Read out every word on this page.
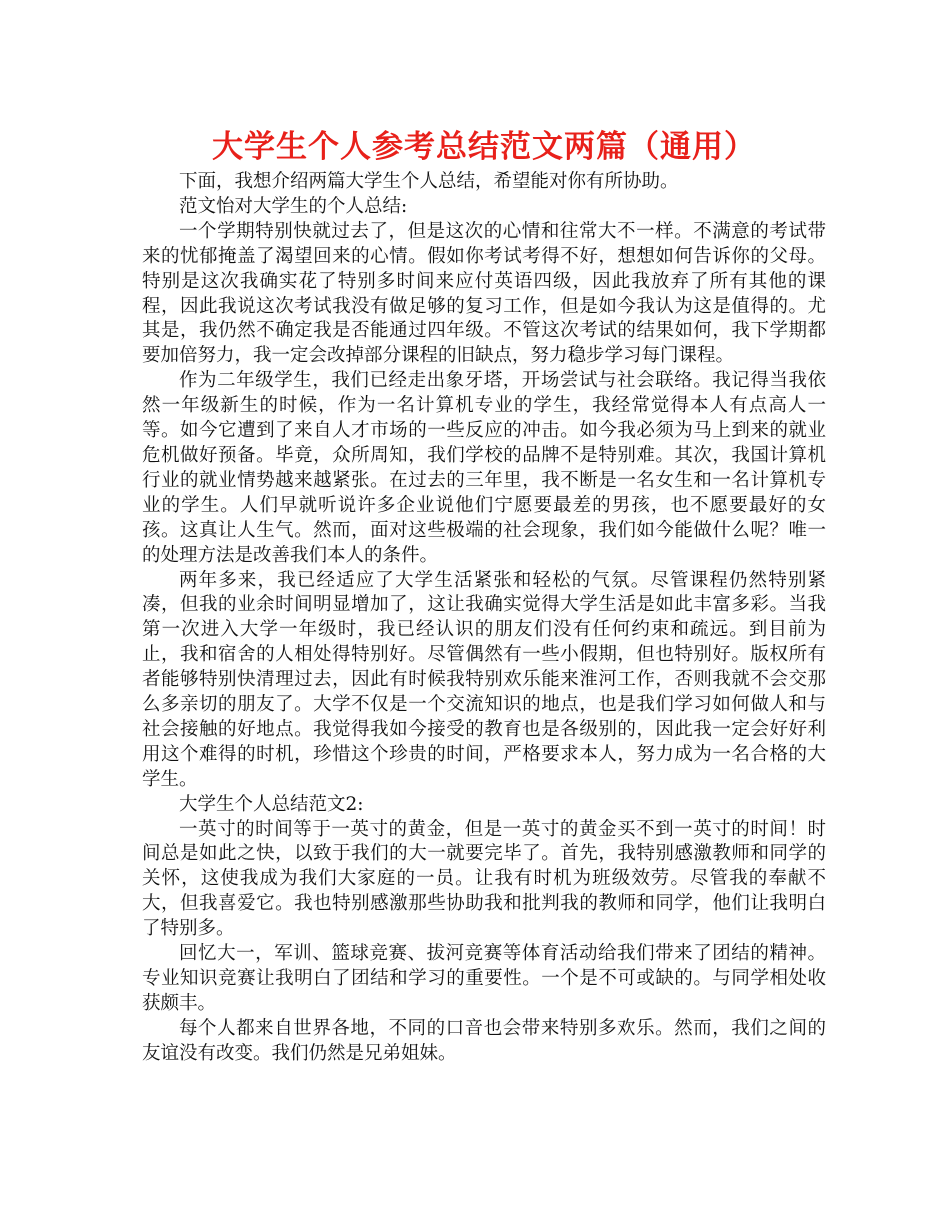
大学生个人参考总结范文两篇（通用）

下面，我想介绍两篇大学生个人总结，希望能对你有所协助。

范文怡对大学生的个人总结:

一个学期特别快就过去了，但是这次的心情和往常大不一样。不满意的考试带来的忧郁掩盖了渴望回来的心情。假如你考试考得不好，想想如何告诉你的父母。特别是这次我确实花了特别多时间来应付英语四级，因此我放弃了所有其他的课程，因此我说这次考试我没有做足够的复习工作，但是如今我认为这是值得的。尤其是，我仍然不确定我是否能通过四年级。不管这次考试的结果如何，我下学期都要加倍努力，我一定会改掉部分课程的旧缺点，努力稳步学习每门课程。

作为二年级学生，我们已经走出象牙塔，开场尝试与社会联络。我记得当我依然一年级新生的时候，作为一名计算机专业的学生，我经常觉得本人有点高人一等。如今它遭到了来自人才市场的一些反应的冲击。如今我必须为马上到来的就业危机做好预备。毕竟，众所周知，我们学校的品牌不是特别难。其次，我国计算机行业的就业情势越来越紧张。在过去的三年里，我不断是一名女生和一名计算机专业的学生。人们早就听说许多企业说他们宁愿要最差的男孩，也不愿要最好的女孩。这真让人生气。然而，面对这些极端的社会现象，我们如今能做什么呢？唯一的处理方法是改善我们本人的条件。

两年多来，我已经适应了大学生活紧张和轻松的气氛。尽管课程仍然特别紧凑，但我的业余时间明显增加了，这让我确实觉得大学生活是如此丰富多彩。当我第一次进入大学一年级时，我已经认识的朋友们没有任何约束和疏远。到目前为止，我和宿舍的人相处得特别好。尽管偶然有一些小假期，但也特别好。版权所有者能够特别快清理过去，因此有时候我特别欢乐能来淮河工作，否则我就不会交那么多亲切的朋友了。大学不仅是一个交流知识的地点，也是我们学习如何做人和与社会接触的好地点。我觉得我如今接受的教育也是各级别的，因此我一定会好好利用这个难得的时机，珍惜这个珍贵的时间，严格要求本人，努力成为一名合格的大学生。

大学生个人总结范文2:

一英寸的时间等于一英寸的黄金，但是一英寸的黄金买不到一英寸的时间！时间总是如此之快，以致于我们的大一就要完毕了。首先，我特别感激教师和同学的关怀，这使我成为我们大家庭的一员。让我有时机为班级效劳。尽管我的奉献不大，但我喜爱它。我也特别感激那些协助我和批判我的教师和同学，他们让我明白了特别多。

回忆大一，军训、篮球竞赛、拔河竞赛等体育活动给我们带来了团结的精神。专业知识竞赛让我明白了团结和学习的重要性。一个是不可或缺的。与同学相处收获颇丰。

每个人都来自世界各地，不同的口音也会带来特别多欢乐。然而，我们之间的友谊没有改变。我们仍然是兄弟姐妹。
